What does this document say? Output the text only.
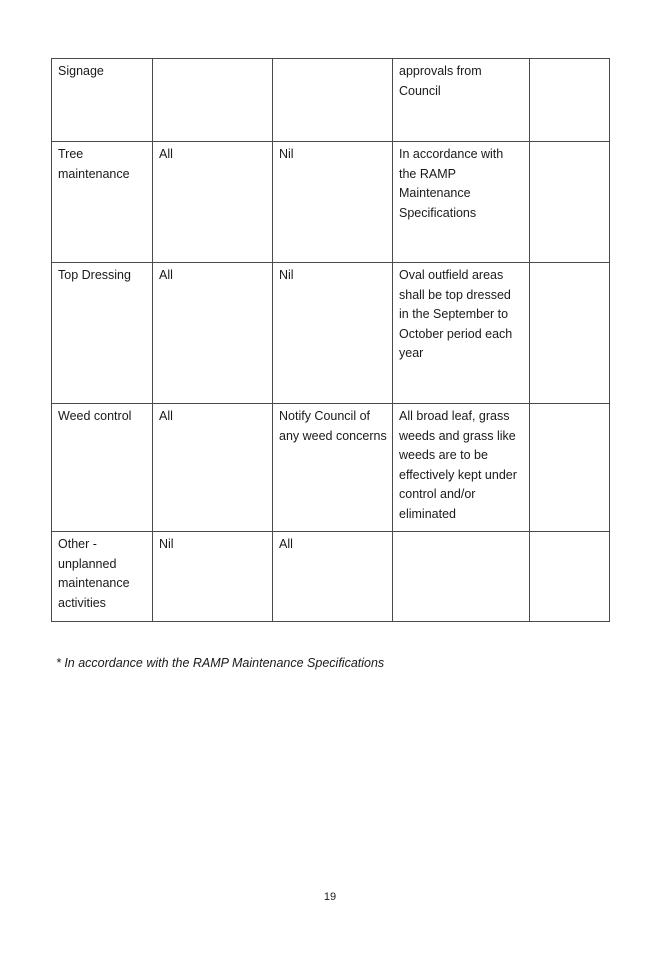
Signage			approvals from Council	
Tree maintenance	All	Nil	In accordance with the RAMP Maintenance Specifications	
Top Dressing	All	Nil	Oval outfield areas shall be top dressed in the September to October period each year	
Weed control	All	Notify Council of any weed concerns	All broad leaf, grass weeds and grass like weeds are to be effectively kept under control and/or eliminated	
Other - unplanned maintenance activities	Nil	All		
* In accordance with the RAMP Maintenance Specifications
19
